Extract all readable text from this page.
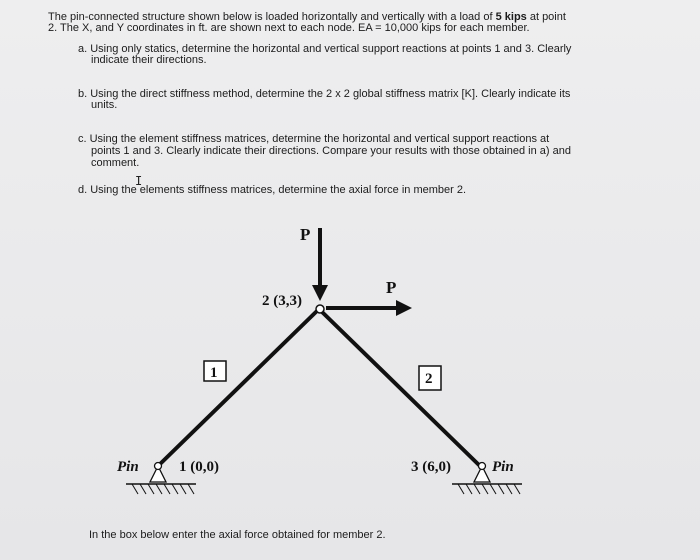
The pin-connected structure shown below is loaded horizontally and vertically with a load of 5 kips at point
2. The X, and Y coordinates in ft. are shown next to each node. EA = 10,000 kips for each member.
a. Using only statics, determine the horizontal and vertical support reactions at points 1 and 3. Clearly
indicate their directions.
b. Using the direct stiffness method, determine the 2 x 2 global stiffness matrix [K]. Clearly indicate its
units.
c. Using the element stiffness matrices, determine the horizontal and vertical support reactions at
points 1 and 3. Clearly indicate their directions. Compare your results with those obtained in a) and
comment.
d. Using the elements stiffness matrices, determine the axial force in member 2.
I
P
P
2 (3,3)
1	2
Pin	1 (0,0)	3 (6,0)	Pin
In the box below enter the axial force obtained for member 2.
